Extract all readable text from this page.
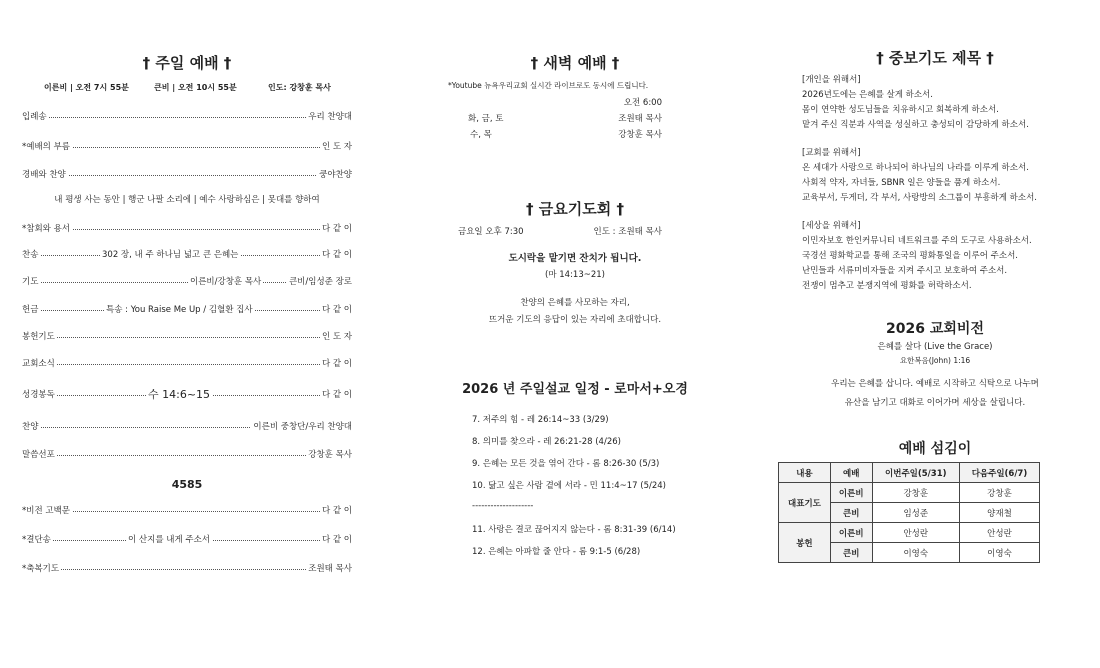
† 주일 예배 †
이른비 | 오전 7시 55분	큰비 | 오전 10시 55분	인도: 강창훈 목사
입례송	우리 찬양대
*예배의 부름	인 도 자
경배와 찬양	쿵야찬양
내 평생 사는 동안 | 행군 나팔 소리에 | 예수 사랑하심은 | 못대를 향하여
*참회와 용서	다 같 이
찬송	302 장, 내 주 하나님 넓고 큰 은혜는	다 같 이
기도	이른비/강창훈 목사	큰비/임성준 장로
헌금	특송 : You Raise Me Up / 김혈환 집사	다 같 이
봉헌기도	인 도 자
교회소식	다 같 이
성경봉독	수 14:6~15	다 같 이
찬양	이른비 중창단/우리 찬양대
말씀선포	강창훈 목사
4585
*비전 고백문	다 같 이
*결단송	이 산지를 내게 주소서	다 같 이
*축복기도	조원태 목사
† 새벽 예배 †
*Youtube 뉴욕우리교회 실시간 라이브로도 동시에 드립니다.
오전 6:00
화, 금, 토	조원태 목사
수, 목	강창훈 목사
† 금요기도회 †
금요일 오후 7:30	인도 : 조원태 목사
도시락을 맡기면 잔치가 됩니다.
(마 14:13~21)
찬양의 은혜를 사모하는 자리,
뜨거운 기도의 응답이 있는 자리에 초대합니다.
2026 년 주일설교 일정 - 로마서+오경
7. 저주의 힘 - 레 26:14~33 (3/29)
8. 의미를 찾으라 - 레 26:21-28 (4/26)
9. 은혜는 모든 것을 엮어 간다 - 롬 8:26-30 (5/3)
10. 닮고 싶은 사람 곁에 서라 - 민 11:4~17 (5/24)
--------------------
11. 사랑은 결코 끊어지지 않는다 - 롬 8:31-39 (6/14)
12. 은혜는 아파할 줄 안다 - 롬 9:1-5 (6/28)
† 중보기도 제목 †
[개인을 위해서]
2026년도에는 은혜를 살게 하소서.
몸이 연약한 성도님들을 치유하시고 회복하게 하소서.
맡겨 주신 직분과 사역을 성실하고 충성되이 감당하게 하소서.
[교회를 위해서]
온 세대가 사랑으로 하나되어 하나님의 나라를 이루게 하소서.
사회적 약자, 자녀들, SBNR 일은 양들을 품게 하소서.
교육부서, 두게더, 각 부서, 사랑방의 소그룹이 부흥하게 하소서.
[세상을 위해서]
이민자보호 한인커뮤니티 네트워크를 주의 도구로 사용하소서.
국경선 평화학교를 통해 조국의 평화통일을 이루어 주소서.
난민들과 서류미비자들을 지켜 주시고 보호하여 주소서.
전쟁이 멈추고 분쟁지역에 평화를 허락하소서.
2026 교회비전
은혜를 살다 (Live the Grace)
요한복음(John) 1:16
우리는 은혜를 삽니다. 예배로 시작하고 식탁으로 나누며
유산을 남기고 대화로 이어가며 세상을 살립니다.
예배 섬김이
내용	예배	이번주일(5/31)	다음주일(6/7)
대표기도	이른비	강창훈	강창훈
	큰비	임성준	양재철
봉헌	이른비	안성란	안성란
	큰비	이영숙	이영숙
